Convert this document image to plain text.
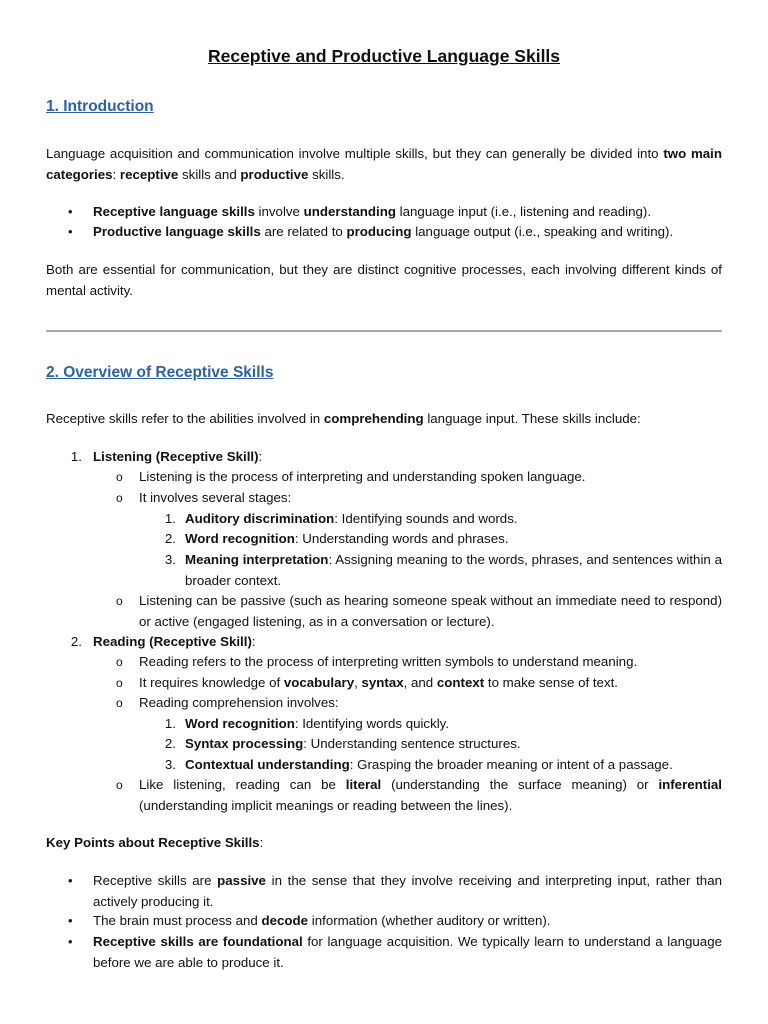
Receptive and Productive Language Skills
1. Introduction
Language acquisition and communication involve multiple skills, but they can generally be divided into two main categories: receptive skills and productive skills.
• Receptive language skills involve understanding language input (i.e., listening and reading).
• Productive language skills are related to producing language output (i.e., speaking and writing).
Both are essential for communication, but they are distinct cognitive processes, each involving different kinds of mental activity.
2. Overview of Receptive Skills
Receptive skills refer to the abilities involved in comprehending language input. These skills include:
1. Listening (Receptive Skill):
o Listening is the process of interpreting and understanding spoken language.
o It involves several stages:
1. Auditory discrimination: Identifying sounds and words.
2. Word recognition: Understanding words and phrases.
3. Meaning interpretation: Assigning meaning to the words, phrases, and sentences within a broader context.
o Listening can be passive (such as hearing someone speak without an immediate need to respond) or active (engaged listening, as in a conversation or lecture).
2. Reading (Receptive Skill):
o Reading refers to the process of interpreting written symbols to understand meaning.
o It requires knowledge of vocabulary, syntax, and context to make sense of text.
o Reading comprehension involves:
1. Word recognition: Identifying words quickly.
2. Syntax processing: Understanding sentence structures.
3. Contextual understanding: Grasping the broader meaning or intent of a passage.
o Like listening, reading can be literal (understanding the surface meaning) or inferential (understanding implicit meanings or reading between the lines).
Key Points about Receptive Skills:
• Receptive skills are passive in the sense that they involve receiving and interpreting input, rather than actively producing it.
• The brain must process and decode information (whether auditory or written).
• Receptive skills are foundational for language acquisition. We typically learn to understand a language before we are able to produce it.
